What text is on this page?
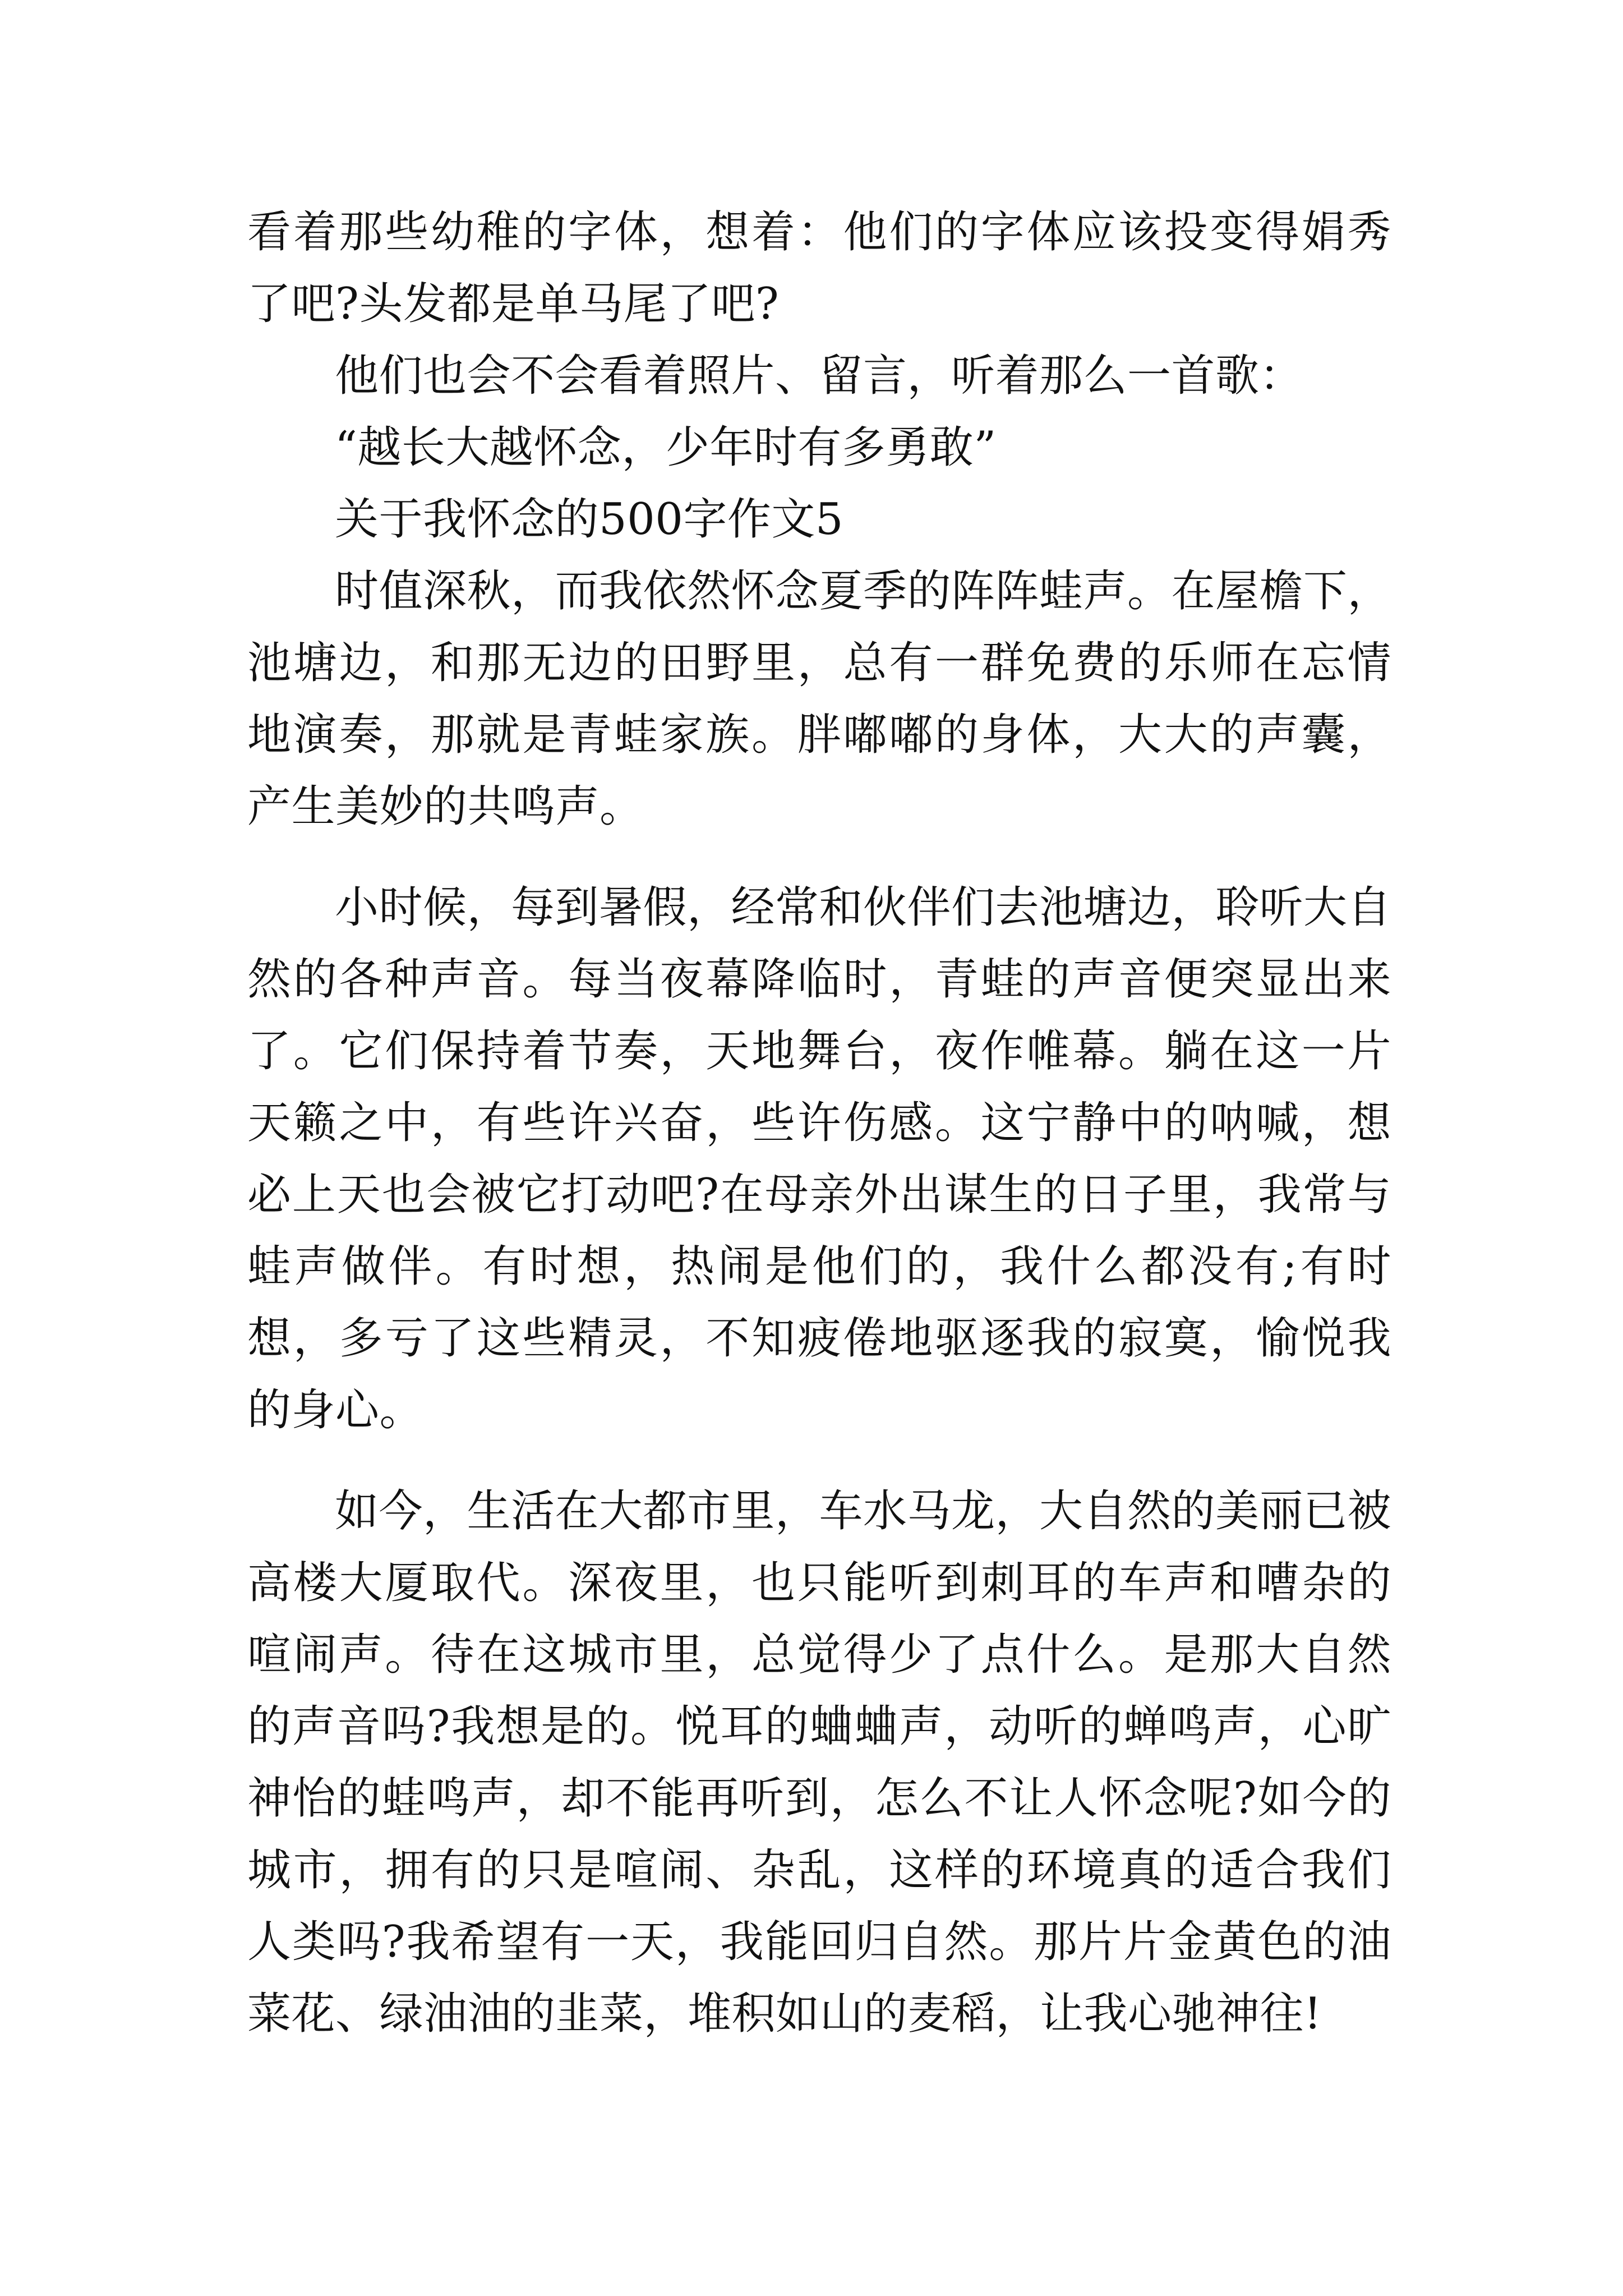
看着那些幼稚的字体，想着：他们的字体应该投变得娟秀了吧?头发都是单马尾了吧?

他们也会不会看着照片、留言，听着那么一首歌：

“越长大越怀念，少年时有多勇敢”

关于我怀念的500字作文5

时值深秋，而我依然怀念夏季的阵阵蛙声。在屋檐下，池塘边，和那无边的田野里，总有一群免费的乐师在忘情地演奏，那就是青蛙家族。胖嘟嘟的身体，大大的声囊，产生美妙的共鸣声。

小时候，每到暑假，经常和伙伴们去池塘边，聆听大自然的各种声音。每当夜幕降临时，青蛙的声音便突显出来了。它们保持着节奏，天地舞台，夜作帷幕。躺在这一片天籁之中，有些许兴奋，些许伤感。这宁静中的呐喊，想必上天也会被它打动吧?在母亲外出谋生的日子里，我常与蛙声做伴。有时想，热闹是他们的，我什么都没有;有时想，多亏了这些精灵，不知疲倦地驱逐我的寂寞，愉悦我的身心。

如今，生活在大都市里，车水马龙，大自然的美丽已被高楼大厦取代。深夜里，也只能听到刺耳的车声和嘈杂的喧闹声。待在这城市里，总觉得少了点什么。是那大自然的声音吗?我想是的。悦耳的蛐蛐声，动听的蝉鸣声，心旷神怡的蛙鸣声，却不能再听到，怎么不让人怀念呢?如今的城市，拥有的只是喧闹、杂乱，这样的环境真的适合我们人类吗?我希望有一天，我能回归自然。那片片金黄色的油菜花、绿油油的韭菜，堆积如山的麦稻，让我心驰神往!
